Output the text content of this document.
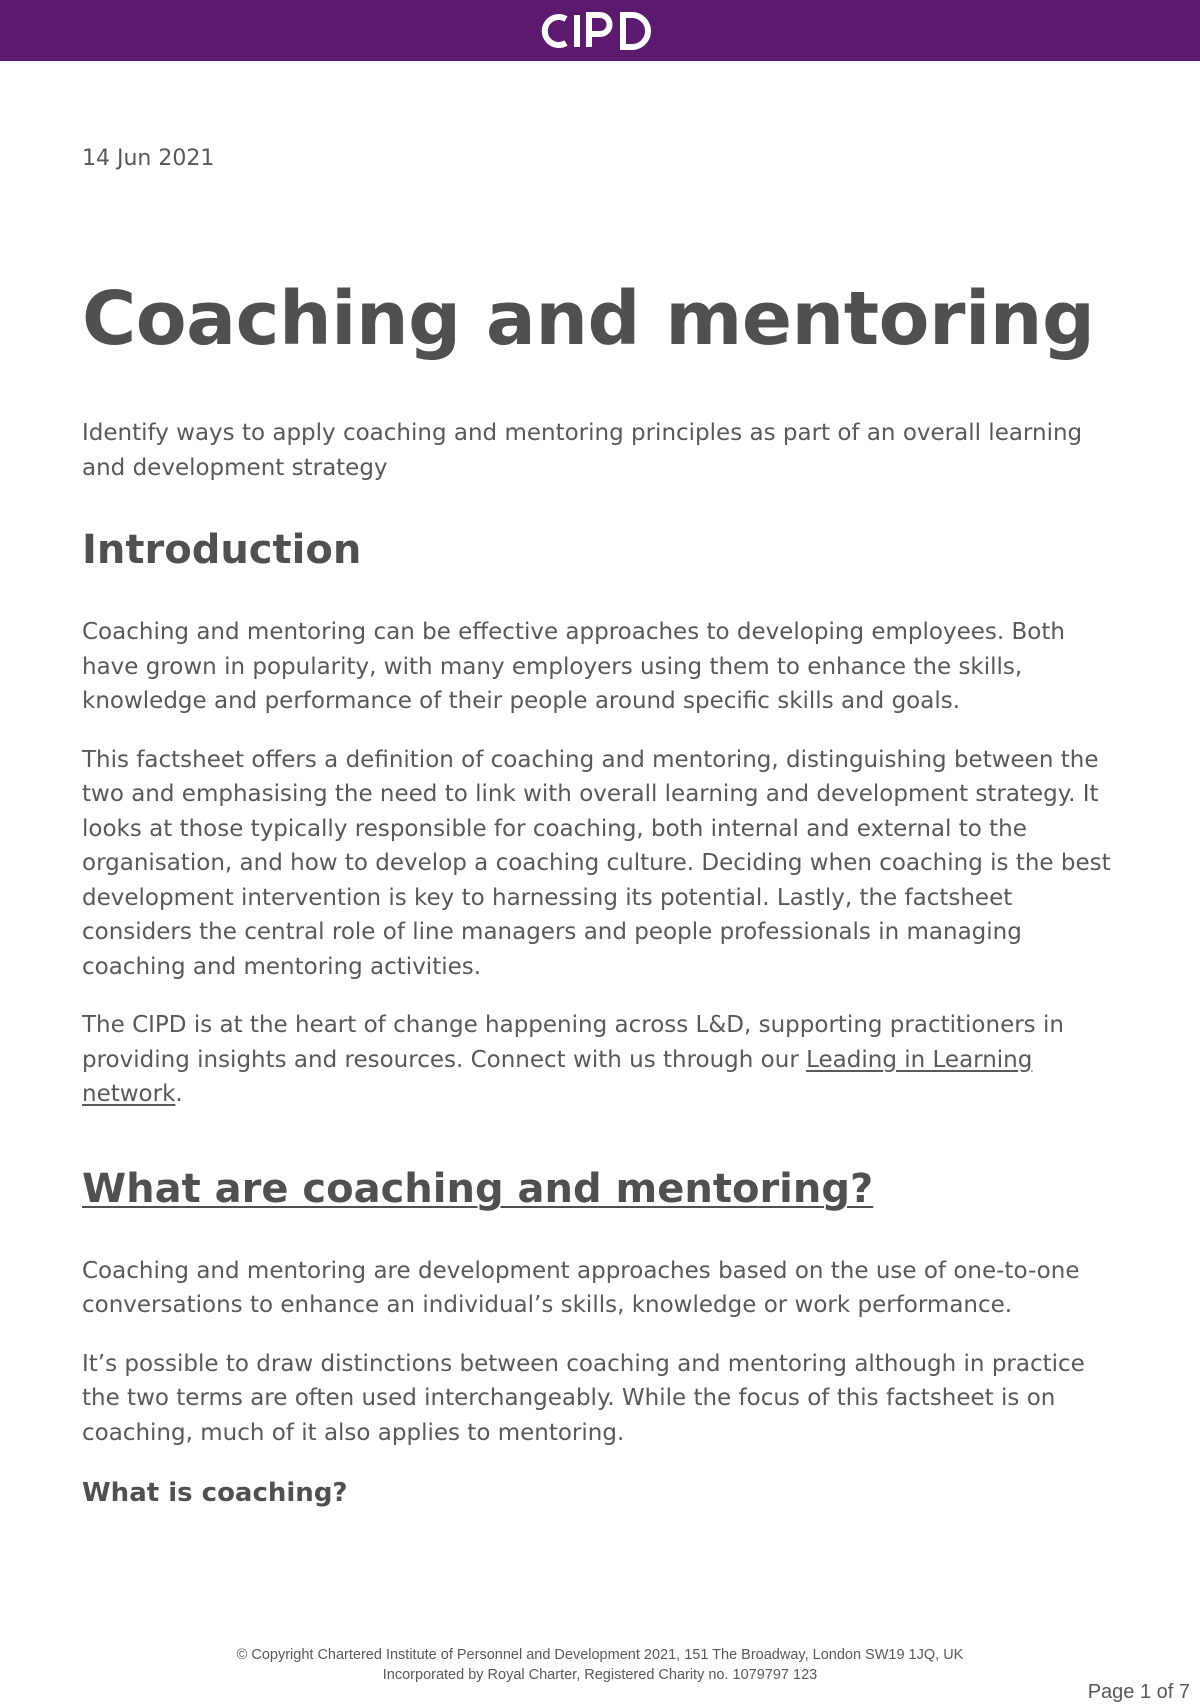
14 Jun 2021

Coaching and mentoring

Identify ways to apply coaching and mentoring principles as part of an overall learning and development strategy

Introduction

Coaching and mentoring can be effective approaches to developing employees. Both have grown in popularity, with many employers using them to enhance the skills, knowledge and performance of their people around specific skills and goals.

This factsheet offers a definition of coaching and mentoring, distinguishing between the two and emphasising the need to link with overall learning and development strategy. It looks at those typically responsible for coaching, both internal and external to the organisation, and how to develop a coaching culture. Deciding when coaching is the best development intervention is key to harnessing its potential. Lastly, the factsheet considers the central role of line managers and people professionals in managing coaching and mentoring activities.

The CIPD is at the heart of change happening across L&D, supporting practitioners in providing insights and resources. Connect with us through our Leading in Learning network.

What are coaching and mentoring?

Coaching and mentoring are development approaches based on the use of one-to-one conversations to enhance an individual’s skills, knowledge or work performance.

It’s possible to draw distinctions between coaching and mentoring although in practice the two terms are often used interchangeably. While the focus of this factsheet is on coaching, much of it also applies to mentoring.

What is coaching?
© Copyright Chartered Institute of Personnel and Development 2021, 151 The Broadway, London SW19 1JQ, UK
Incorporated by Royal Charter, Registered Charity no. 1079797 123
Page 1 of 7
